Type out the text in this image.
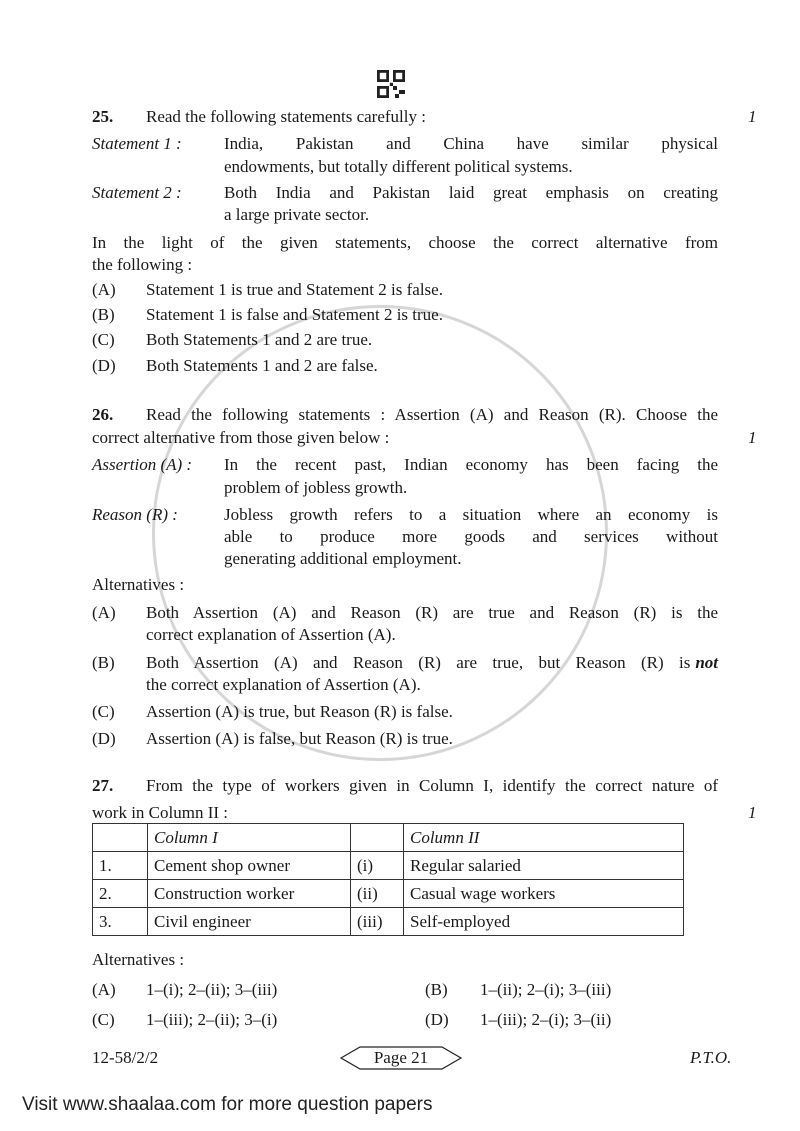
25. Read the following statements carefully :	1
Statement 1 : India, Pakistan and China have similar physical
endowments, but totally different political systems.
Statement 2 : Both India and Pakistan laid great emphasis on creating
a large private sector.
In the light of the given statements, choose the correct alternative from
the following :
(A) Statement 1 is true and Statement 2 is false.
(B) Statement 1 is false and Statement 2 is true.
(C) Both Statements 1 and 2 are true.
(D) Both Statements 1 and 2 are false.
26. Read the following statements : Assertion (A) and Reason (R). Choose the
correct alternative from those given below :	1
Assertion (A) : In the recent past, Indian economy has been facing the
problem of jobless growth.
Reason (R) :	Jobless growth refers to a situation where an economy is
able to produce more goods and services without
generating additional employment.
Alternatives :
(A) Both Assertion (A) and Reason (R) are true and Reason (R) is the
correct explanation of Assertion (A).
(B) Both Assertion (A) and Reason (R) are true, but Reason (R) is not
the correct explanation of Assertion (A).
(C) Assertion (A) is true, but Reason (R) is false.
(D) Assertion (A) is false, but Reason (R) is true.
27. From the type of workers given in Column I, identify the correct nature of
work in Column II :	1
	Column I		Column II
1.	Cement shop owner	(i)	Regular salaried
2.	Construction worker	(ii)	Casual wage workers
3.	Civil engineer	(iii)	Self-employed
Alternatives :
(A) 1–(i); 2–(ii); 3–(iii)	(B) 1–(ii); 2–(i); 3–(iii)
(C) 1–(iii); 2–(ii); 3–(i)	(D) 1–(iii); 2–(i); 3–(ii)
12-58/2/2	Page 21	P.T.O.
Visit www.shaalaa.com for more question papers
